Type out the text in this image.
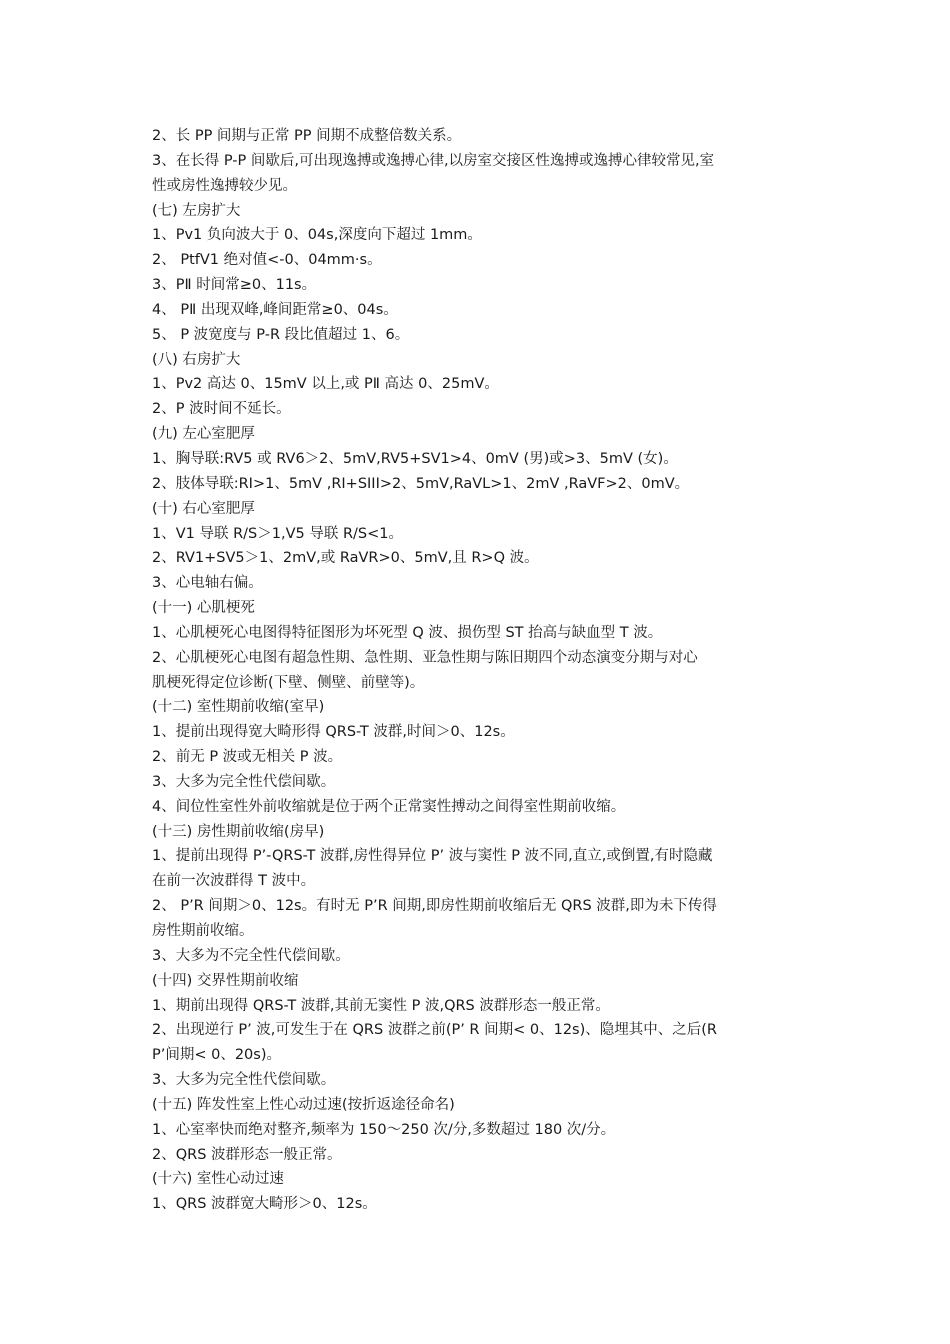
2、长 PP 间期与正常 PP 间期不成整倍数关系。
3、在长得 P-P 间歇后,可出现逸搏或逸搏心律,以房室交接区性逸搏或逸搏心律较常见,室
性或房性逸搏较少见。
(七) 左房扩大
1、Pv1 负向波大于 0、04s,深度向下超过 1mm。
2、 PtfV1 绝对值<-0、04mm·s。
3、PⅡ 时间常≥0、11s。
4、 PⅡ 出现双峰,峰间距常≥0、04s。
5、 P 波宽度与 P-R 段比值超过 1、6。
(八) 右房扩大
1、Pv2 高达 0、15mV 以上,或 PⅡ 高达 0、25mV。
2、P 波时间不延长。
(九) 左心室肥厚
1、胸导联:RV5 或 RV6＞2、5mV,RV5+SV1>4、0mV (男)或>3、5mV (女)。
2、肢体导联:RI>1、5mV ,RI+SIII>2、5mV,RaVL>1、2mV ,RaVF>2、0mV。
(十) 右心室肥厚
1、V1 导联 R/S＞1,V5 导联 R/S<1。
2、RV1+SV5＞1、2mV,或 RaVR>0、5mV,且 R>Q 波。
3、心电轴右偏。
(十一) 心肌梗死
1、心肌梗死心电图得特征图形为坏死型 Q 波、损伤型 ST 抬高与缺血型 T 波。
2、心肌梗死心电图有超急性期、急性期、亚急性期与陈旧期四个动态演变分期与对心
肌梗死得定位诊断(下壁、侧壁、前壁等)。
(十二) 室性期前收缩(室早)
1、提前出现得宽大畸形得 QRS-T 波群,时间＞0、12s。
2、前无 P 波或无相关 P 波。
3、大多为完全性代偿间歇。
4、间位性室性外前收缩就是位于两个正常窦性搏动之间得室性期前收缩。
(十三) 房性期前收缩(房早)
1、提前出现得 P’-QRS-T 波群,房性得异位 P’ 波与窦性 P 波不同,直立,或倒置,有时隐藏
在前一次波群得 T 波中。
2、 P’R 间期＞0、12s。有时无 P’R 间期,即房性期前收缩后无 QRS 波群,即为未下传得
房性期前收缩。
3、大多为不完全性代偿间歇。
(十四) 交界性期前收缩
1、期前出现得 QRS-T 波群,其前无窦性 P 波,QRS 波群形态一般正常。
2、出现逆行 P’ 波,可发生于在 QRS 波群之前(P’ R 间期< 0、12s)、隐埋其中、之后(R
P’间期< 0、20s)。
3、大多为完全性代偿间歇。
(十五) 阵发性室上性心动过速(按折返途径命名)
1、心室率快而绝对整齐,频率为 150～250 次/分,多数超过 180 次/分。
2、QRS 波群形态一般正常。
(十六) 室性心动过速
1、QRS 波群宽大畸形＞0、12s。
